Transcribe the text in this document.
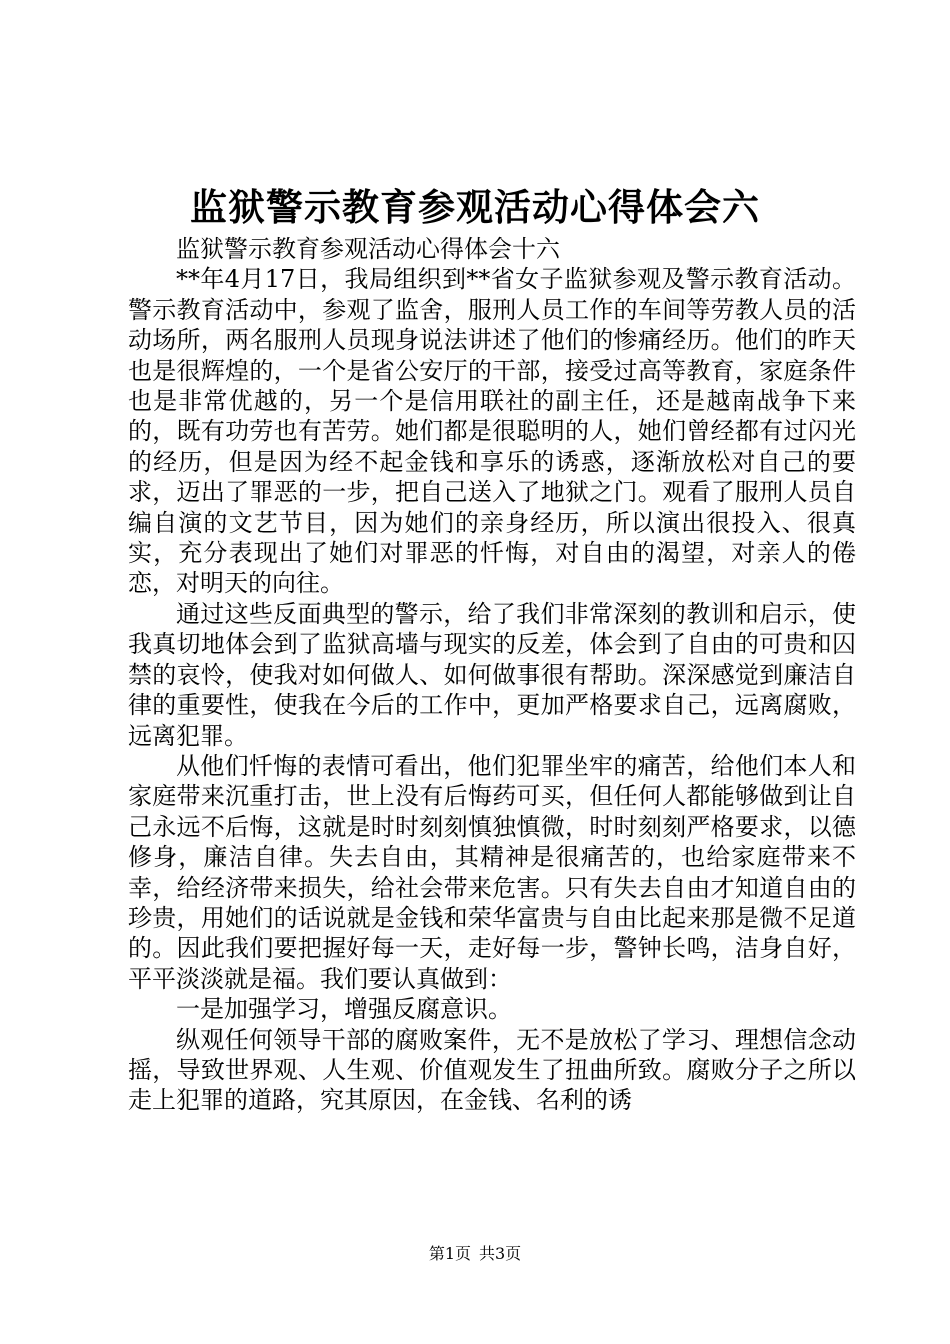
监狱警示教育参观活动心得体会六

监狱警示教育参观活动心得体会十六

**年4月17日，我局组织到**省女子监狱参观及警示教育活动。警示教育活动中，参观了监舍，服刑人员工作的车间等劳教人员的活动场所，两名服刑人员现身说法讲述了他们的惨痛经历。他们的昨天也是很辉煌的，一个是省公安厅的干部，接受过高等教育，家庭条件也是非常优越的，另一个是信用联社的副主任，还是越南战争下来的，既有功劳也有苦劳。她们都是很聪明的人，她们曾经都有过闪光的经历，但是因为经不起金钱和享乐的诱惑，逐渐放松对自己的要求，迈出了罪恶的一步，把自己送入了地狱之门。观看了服刑人员自编自演的文艺节目，因为她们的亲身经历，所以演出很投入、很真实，充分表现出了她们对罪恶的忏悔，对自由的渴望，对亲人的倦恋，对明天的向往。

通过这些反面典型的警示，给了我们非常深刻的教训和启示，使我真切地体会到了监狱高墙与现实的反差，体会到了自由的可贵和囚禁的哀怜，使我对如何做人、如何做事很有帮助。深深感觉到廉洁自律的重要性，使我在今后的工作中，更加严格要求自己，远离腐败，远离犯罪。

从他们忏悔的表情可看出，他们犯罪坐牢的痛苦，给他们本人和家庭带来沉重打击，世上没有后悔药可买，但任何人都能够做到让自己永远不后悔，这就是时时刻刻慎独慎微，时时刻刻严格要求，以德修身，廉洁自律。失去自由，其精神是很痛苦的，也给家庭带来不幸，给经济带来损失，给社会带来危害。只有失去自由才知道自由的珍贵，用她们的话说就是金钱和荣华富贵与自由比起来那是微不足道的。因此我们要把握好每一天，走好每一步，警钟长鸣，洁身自好，平平淡淡就是福。我们要认真做到：

一是加强学习，增强反腐意识。

纵观任何领导干部的腐败案件，无不是放松了学习、理想信念动摇，导致世界观、人生观、价值观发生了扭曲所致。腐败分子之所以走上犯罪的道路，究其原因，在金钱、名利的诱

第1页 共3页
